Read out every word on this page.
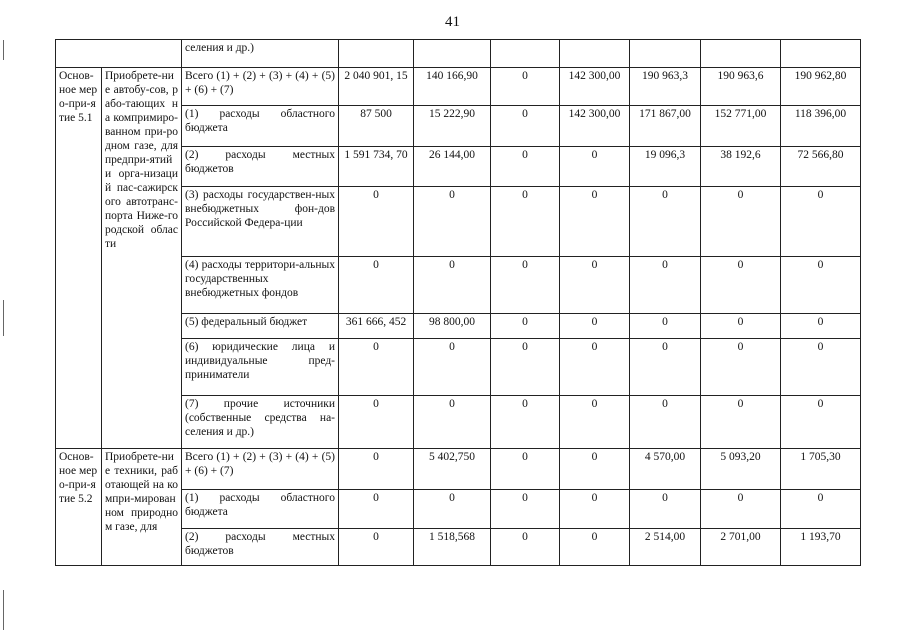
41
		селения и др.)							

Основ-ное меро-при-ятие 5.1	Приобрете-ние автобу-сов, рабо-тающих на компримиро-ванном при-родном газе, для предпри-ятий и орга-низаций пас-сажирского автотранс-порта Ниже-городской области	Всего (1) + (2) + (3) + (4) + (5) + (6) + (7)	2 040 901, 15	140 166,90	0	142 300,00	190 963,3	190 963,6	190 962,80
		(1) расходы областного бюджета	87 500	15 222,90	0	142 300,00	171 867,00	152 771,00	118 396,00
		(2) расходы местных бюджетов	1 591 734, 70	26 144,00	0	0	19 096,3	38 192,6	72 566,80
		(3) расходы государствен-ных внебюджетных фон-дов Российской Федера-ции	0	0	0	0	0	0	0
		(4) расходы территори-альных государственных внебюджетных фондов	0	0	0	0	0	0	0
		(5) федеральный бюджет	361 666, 452	98 800,00	0	0	0	0	0
		(6) юридические лица и индивидуальные пред-приниматели	0	0	0	0	0	0	0
		(7) прочие источники (собственные средства на-селения и др.)	0	0	0	0	0	0	0

Основ-ное меро-при-ятие 5.2	Приобрете-ние техники, работающей на компри-мированном природном газе, для	Всего (1) + (2) + (3) + (4) + (5) + (6) + (7)	0	5 402,750	0	0	4 570,00	5 093,20	1 705,30
		(1) расходы областного бюджета	0	0	0	0	0	0	0
		(2) расходы местных бюджетов	0	1 518,568	0	0	2 514,00	2 701,00	1 193,70
